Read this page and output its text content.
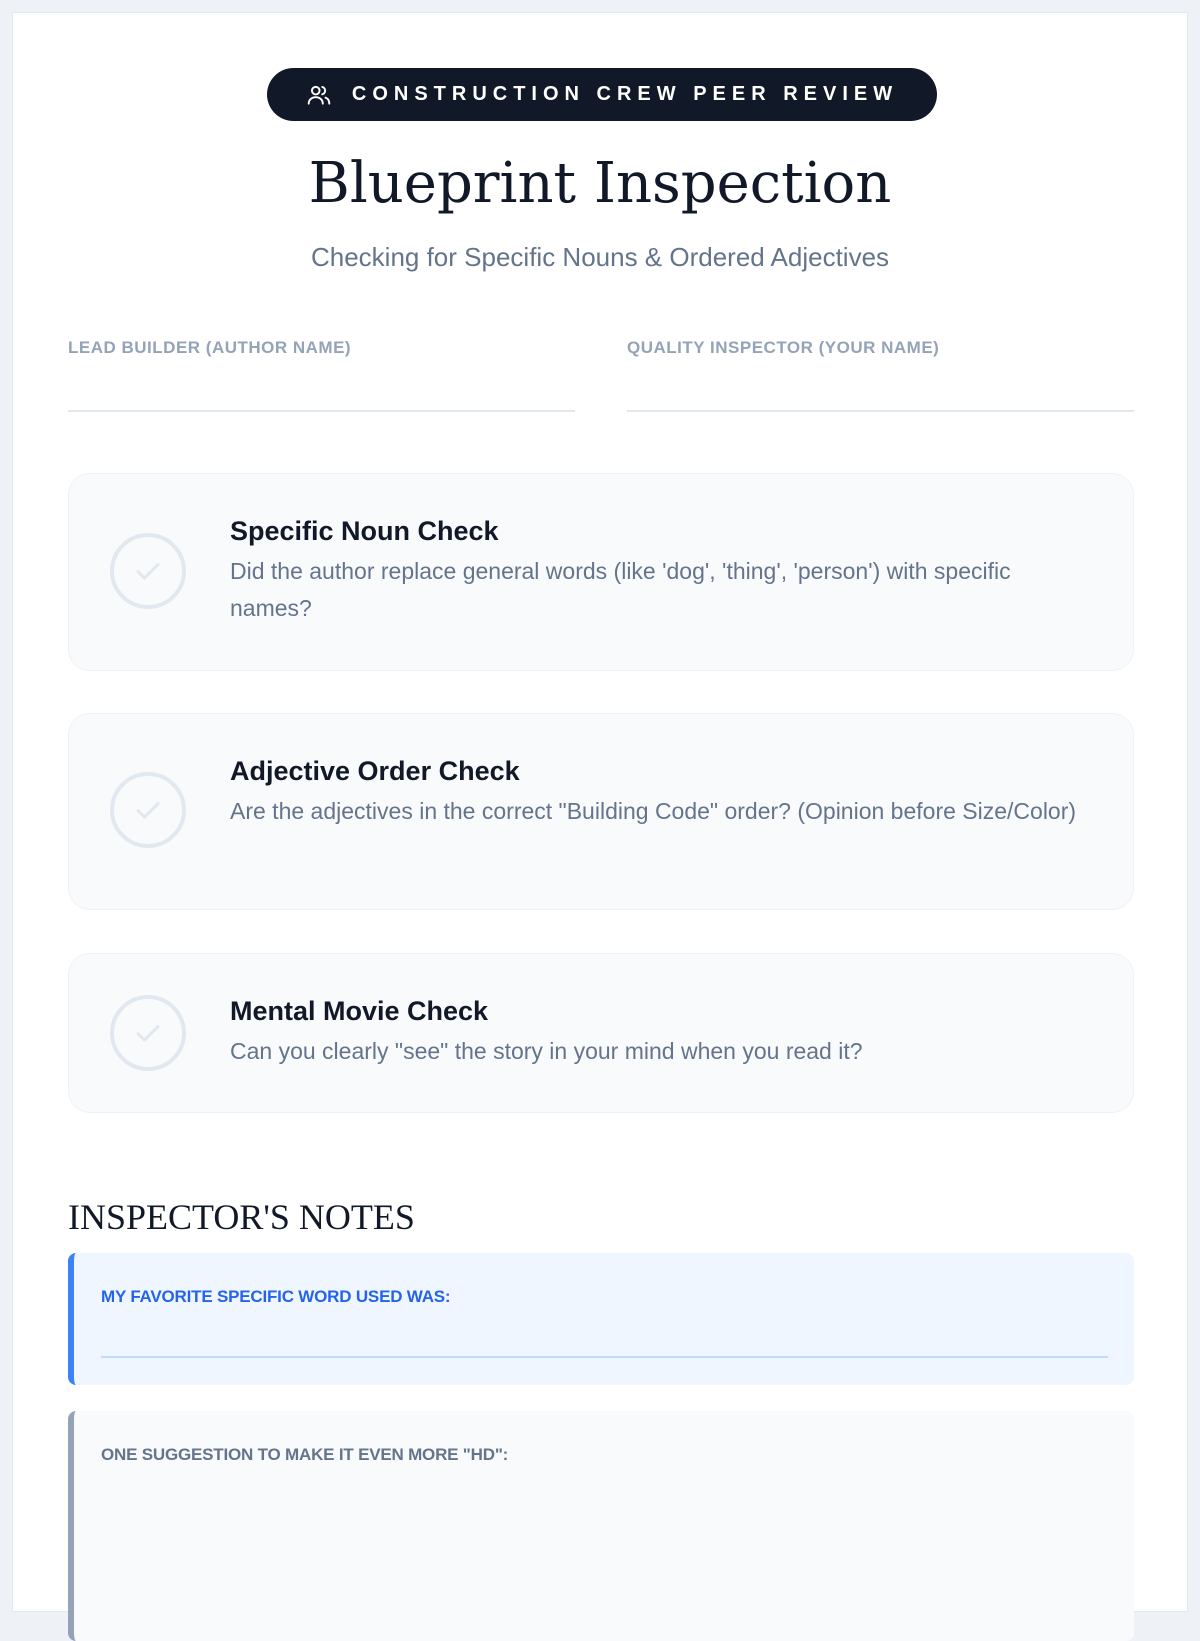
CONSTRUCTION CREW PEER REVIEW
Blueprint Inspection
Checking for Specific Nouns & Ordered Adjectives
LEAD BUILDER (AUTHOR NAME)	QUALITY INSPECTOR (YOUR NAME)
Specific Noun Check
Did the author replace general words (like 'dog', 'thing', 'person') with specific names?
Adjective Order Check
Are the adjectives in the correct "Building Code" order? (Opinion before Size/Color)
Mental Movie Check
Can you clearly "see" the story in your mind when you read it?
INSPECTOR'S NOTES
MY FAVORITE SPECIFIC WORD USED WAS:
ONE SUGGESTION TO MAKE IT EVEN MORE "HD":
